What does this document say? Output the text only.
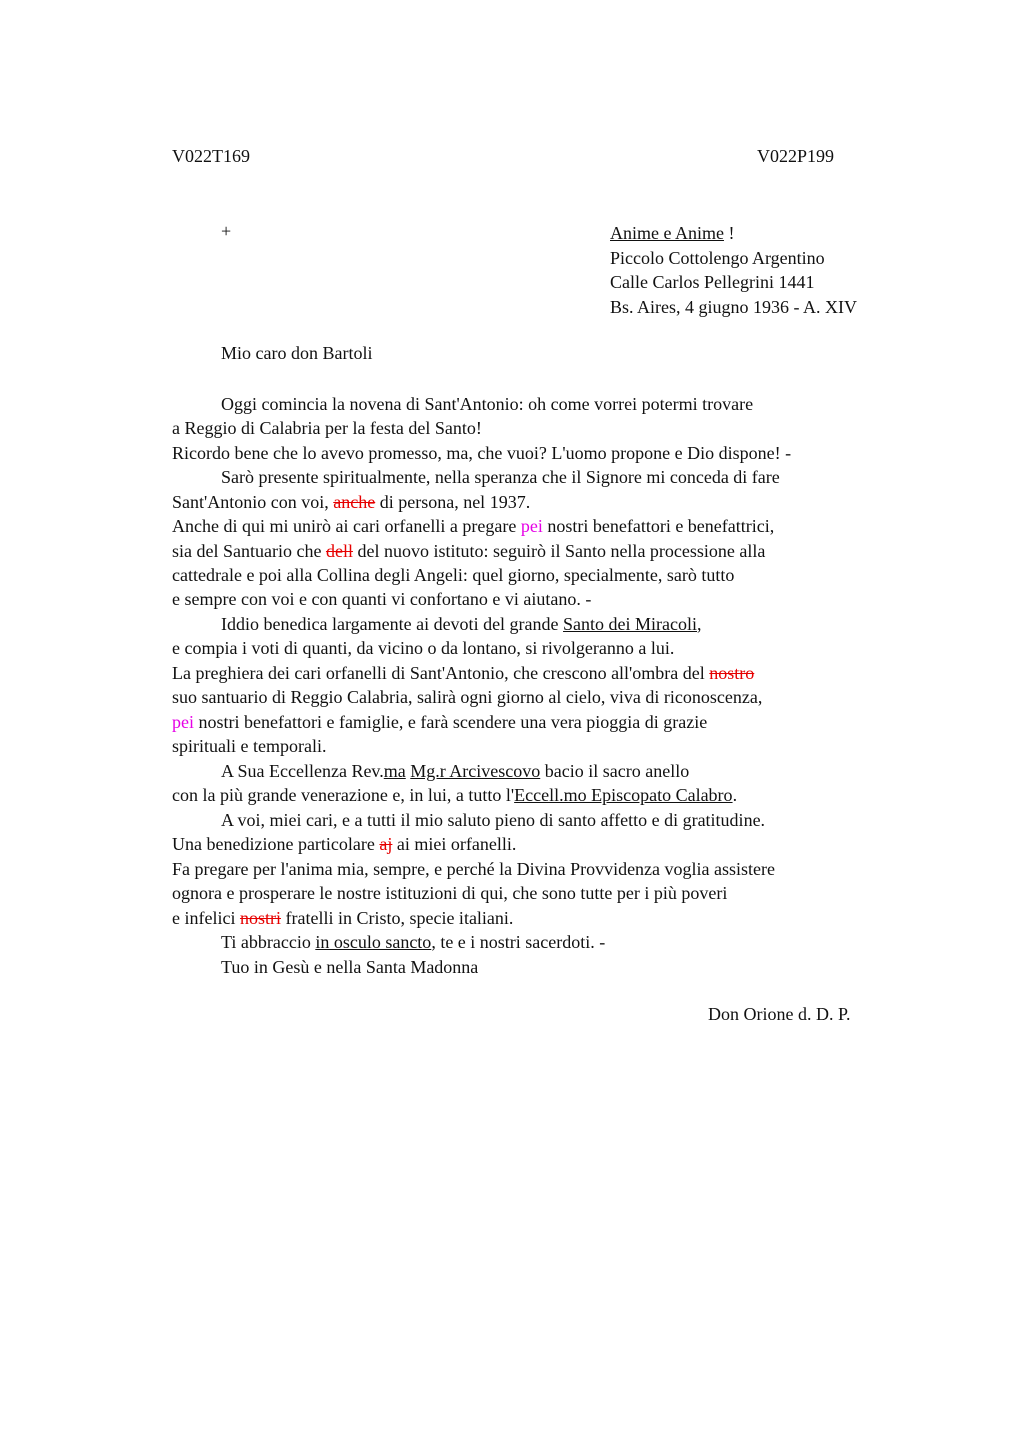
V022T169	V022P199
+	Anime e Anime !
Piccolo Cottolengo Argentino
Calle Carlos Pellegrini 1441
Bs. Aires, 4 giugno 1936 - A. XIV
Mio caro don Bartoli
Oggi comincia la novena di Sant'Antonio: oh come vorrei potermi trovare
a Reggio di Calabria per la festa del Santo!
Ricordo bene che lo avevo promesso, ma, che vuoi? L'uomo propone e Dio dispone! -
Sarò presente spiritualmente, nella speranza che il Signore mi conceda di fare
Sant'Antonio con voi, anche di persona, nel 1937.
Anche di qui mi unirò ai cari orfanelli a pregare pei nostri benefattori e benefattrici,
sia del Santuario che dell del nuovo istituto: seguirò il Santo nella processione alla
cattedrale e poi alla Collina degli Angeli: quel giorno, specialmente, sarò tutto
e sempre con voi e con quanti vi confortano e vi aiutano. -
Iddio benedica largamente ai devoti del grande Santo dei Miracoli,
e compia i voti di quanti, da vicino o da lontano, si rivolgeranno a lui.
La preghiera dei cari orfanelli di Sant'Antonio, che crescono all'ombra del nostro
suo santuario di Reggio Calabria, salirà ogni giorno al cielo, viva di riconoscenza,
pei nostri benefattori e famiglie, e farà scendere una vera pioggia di grazie
spirituali e temporali.
A Sua Eccellenza Rev.ma Mg.r Arcivescovo bacio il sacro anello
con la più grande venerazione e, in lui, a tutto l'Eccell.mo Episcopato Calabro.
A voi, miei cari, e a tutti il mio saluto pieno di santo affetto e di gratitudine.
Una benedizione particolare aj ai miei orfanelli.
Fa pregare per l'anima mia, sempre, e perché la Divina Provvidenza voglia assistere
ognora e prosperare le nostre istituzioni di qui, che sono tutte per i più poveri
e infelici nostri fratelli in Cristo, specie italiani.
Ti abbraccio in osculo sancto, te e i nostri sacerdoti. -
Tuo in Gesù e nella Santa Madonna
Don Orione d. D. P.
